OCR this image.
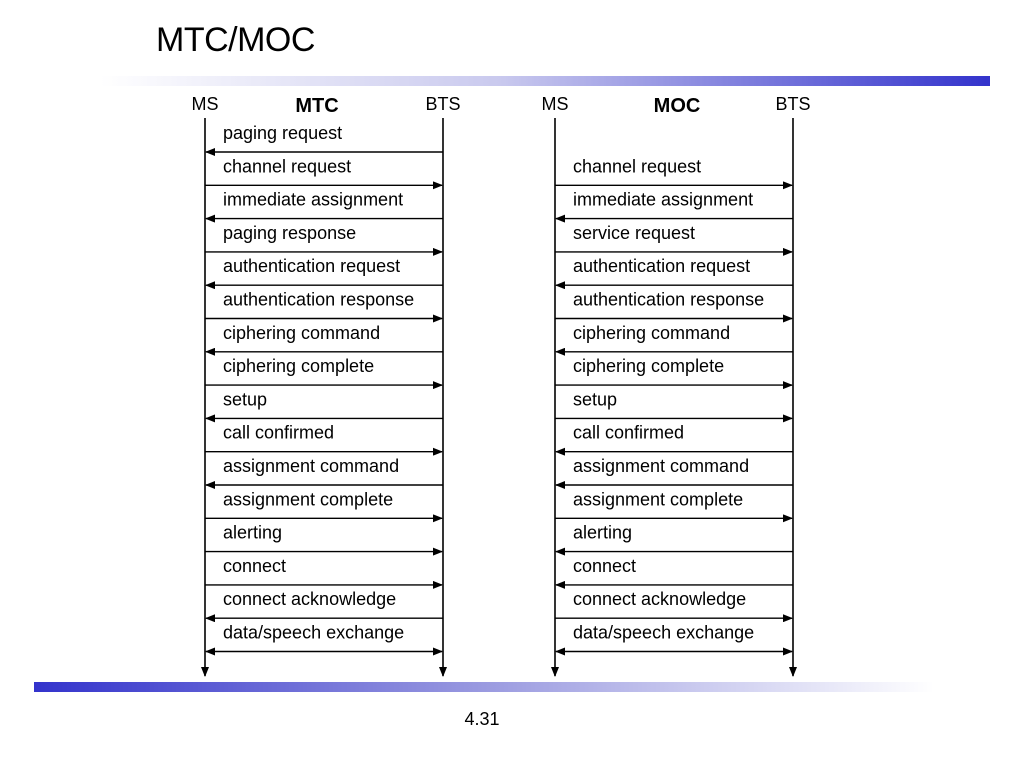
MTC/MOC
MS	BTS
MTC
paging request
channel request
immediate assignment
paging response
authentication request
authentication response
ciphering command
ciphering complete
setup
call confirmed
assignment command
assignment complete
alerting
connect
connect acknowledge
data/speech exchange
MS	BTS
MOC
channel request
immediate assignment
service request
authentication request
authentication response
ciphering command
ciphering complete
setup
call confirmed
assignment command
assignment complete
alerting
connect
connect acknowledge
data/speech exchange
4.31
